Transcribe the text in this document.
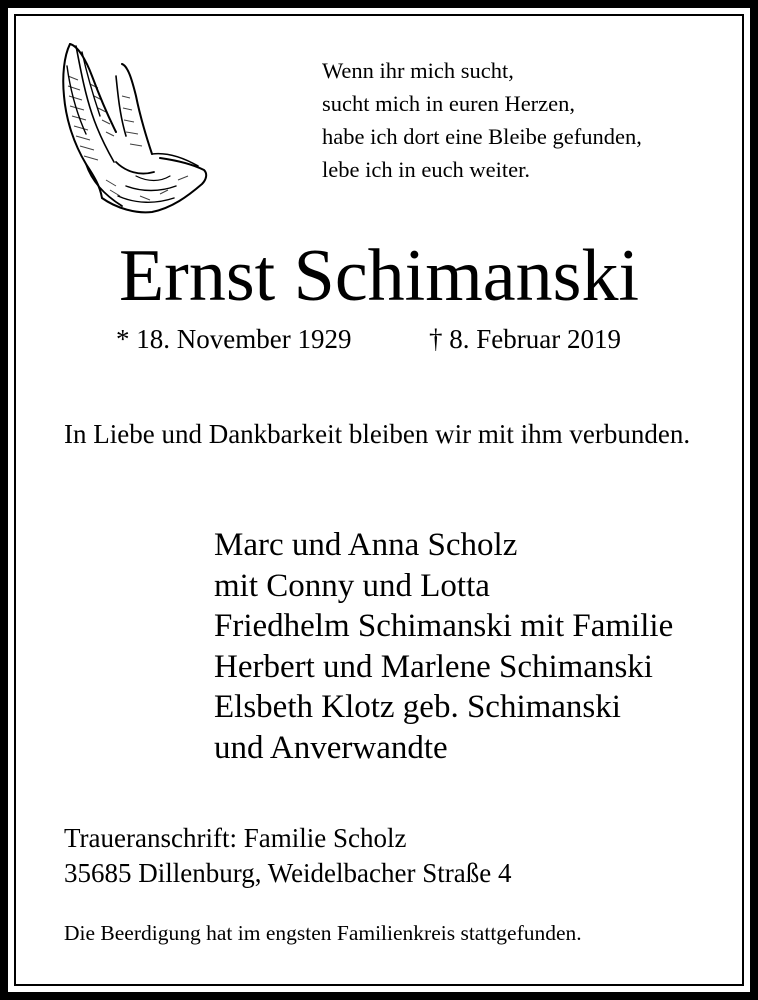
Wenn ihr mich sucht,
sucht mich in euren Herzen,
habe ich dort eine Bleibe gefunden,
lebe ich in euch weiter.
Ernst Schimanski
* 18. November 1929	† 8. Februar 2019
In Liebe und Dankbarkeit bleiben wir mit ihm verbunden.
Marc und Anna Scholz
mit Conny und Lotta
Friedhelm Schimanski mit Familie
Herbert und Marlene Schimanski
Elsbeth Klotz geb. Schimanski
und Anverwandte
Traueranschrift: Familie Scholz
35685 Dillenburg, Weidelbacher Straße 4
Die Beerdigung hat im engsten Familienkreis stattgefunden.
